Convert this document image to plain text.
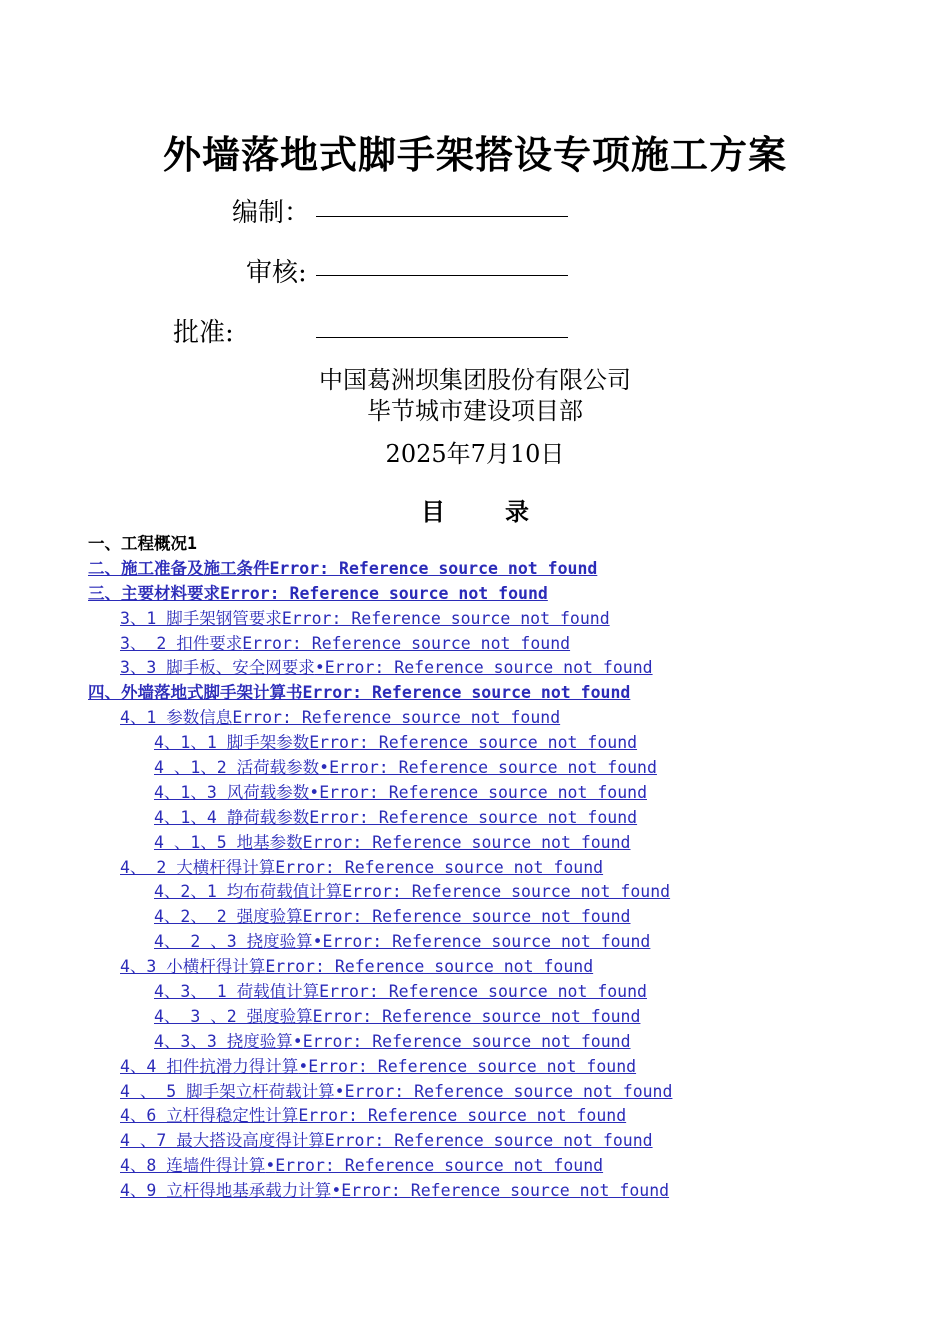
外墙落地式脚手架搭设专项施工方案
编制：
审核:
批准:
中国葛洲坝集团股份有限公司
毕节城市建设项目部
2025年7月10日
目	录
一、工程概况 1
二、施工准备及施工条件 Error: Reference source not found
三、主要材料要求 Error: Reference source not found
3、1 脚手架钢管要求 Error: Reference source not found
3、 2 扣件要求 Error: Reference source not found
3、3 脚手板、安全网要求 • Error: Reference source not found
四、外墙落地式脚手架计算书 Error: Reference source not found
4、1 参数信息 Error: Reference source not found
4、1、1 脚手架参数 Error: Reference source not found
4 、1、2 活荷载参数 • Error: Reference source not found
4、1、3 风荷载参数 • Error: Reference source not found
4、1、4 静荷载参数 Error: Reference source not found
4 、1、5 地基参数 Error: Reference source not found
4、 2 大横杆得计算 Error: Reference source not found
4、2、1 均布荷载值计算 Error: Reference source not found
4、2、 2 强度验算 Error: Reference source not found
4、 2 、3 挠度验算 • Error: Reference source not found
4、3 小横杆得计算 Error: Reference source not found
4、3、 1 荷载值计算 Error: Reference source not found
4、 3 、2 强度验算 Error: Reference source not found
4、3、3 挠度验算 • Error: Reference source not found
4、4 扣件抗滑力得计算 • Error: Reference source not found
4 、 5 脚手架立杆荷载计算 • Error: Reference source not found
4、6 立杆得稳定性计算 Error: Reference source not found
4 、7 最大搭设高度得计算 Error: Reference source not found
4、8 连墙件得计算 • Error: Reference source not found
4、9 立杆得地基承载力计算 • Error: Reference source not found
